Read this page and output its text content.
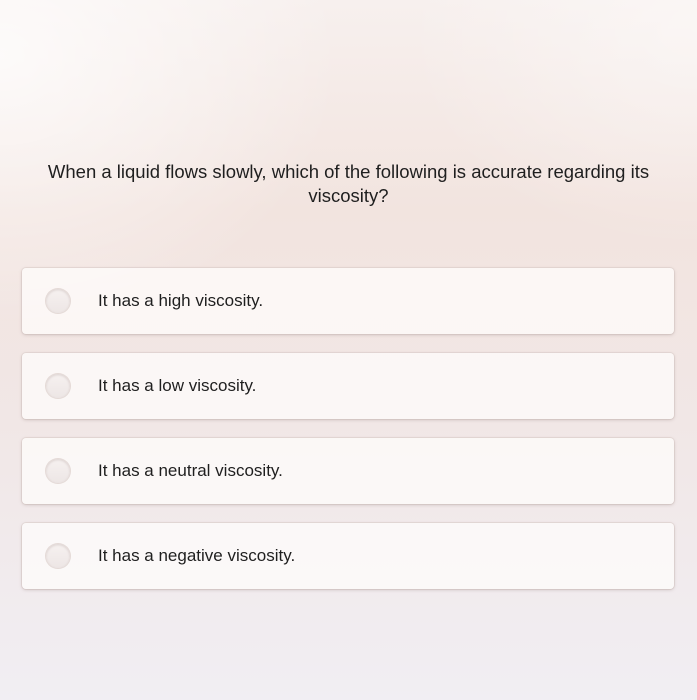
When a liquid flows slowly, which of the following is accurate regarding its
viscosity?
It has a high viscosity.
It has a low viscosity.
It has a neutral viscosity.
It has a negative viscosity.
